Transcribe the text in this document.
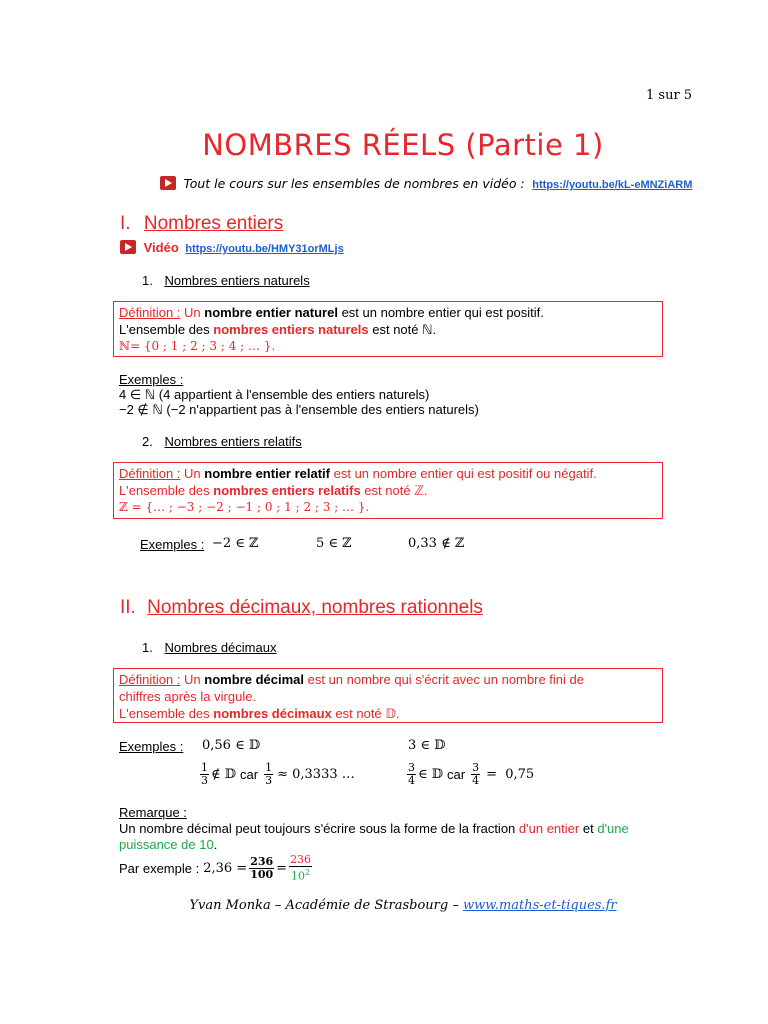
1 sur 5
NOMBRES RÉELS (Partie 1)
Tout le cours sur les ensembles de nombres en vidéo : https://youtu.be/kL-eMNZiARM
I. Nombres entiers
Vidéo https://youtu.be/HMY31orMLjs
1. Nombres entiers naturels
Définition : Un nombre entier naturel est un nombre entier qui est positif.
L'ensemble des nombres entiers naturels est noté ℕ.
ℕ= {0 ; 1 ; 2 ; 3 ; 4 ; … }.
Exemples :
4 ∈ ℕ (4 appartient à l'ensemble des entiers naturels)
−2 ∉ ℕ (−2 n'appartient pas à l'ensemble des entiers naturels)
2. Nombres entiers relatifs
Définition : Un nombre entier relatif est un nombre entier qui est positif ou négatif.
L'ensemble des nombres entiers relatifs est noté ℤ.
ℤ = {… ; −3 ; −2 ; −1 ; 0 ; 1 ; 2 ; 3 ; … }.
Exemples : −2 ∈ ℤ	5 ∈ ℤ	0,33 ∉ ℤ
II. Nombres décimaux, nombres rationnels
1. Nombres décimaux
Définition : Un nombre décimal est un nombre qui s'écrit avec un nombre fini de
chiffres après la virgule.
L'ensemble des nombres décimaux est noté 𝔻.
Exemples : 0,56 ∈ 𝔻	3 ∈ 𝔻
$\frac{1}{3}$ ∉ 𝔻 car $\frac{1}{3} \approx 0,3333$ …	$\frac{3}{4}$ ∈ 𝔻 car $\frac{3}{4} = 0,75$
Remarque :
Un nombre décimal peut toujours s'écrire sous la forme de la fraction d'un entier et d'une
puissance de 10.
Par exemple : $2,36 = \frac{236}{100} = \frac{236}{10^2}$
Yvan Monka – Académie de Strasbourg – www.maths-et-tiques.fr
